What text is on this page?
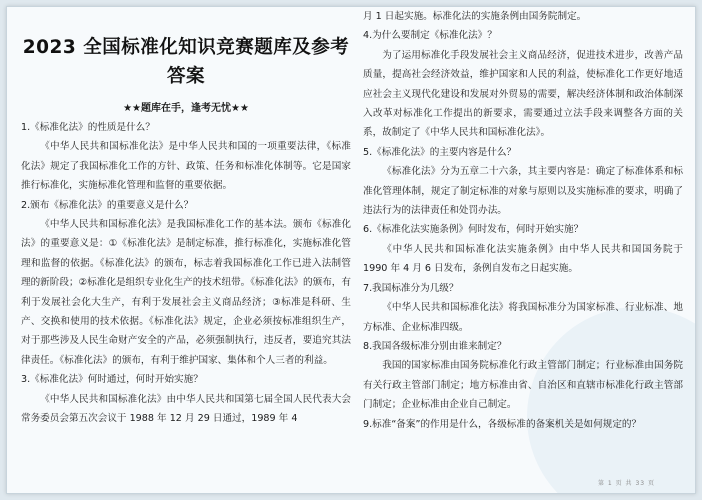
2023 全国标准化知识竞赛题库及参考
答案
★★题库在手，逢考无忧★★
1.《标准化法》的性质是什么？
《中华人民共和国标准化法》是中华人民共和国的一项重要法律，《标准化法》规定了我国标准化工作的方针、政策、任务和标准化体制等。它是国家推行标准化，实施标准化管理和监督的重要依据。
2.颁布《标准化法》的重要意义是什么？
《中华人民共和国标准化法》是我国标准化工作的基本法。颁布《标准化法》的重要意义是：①《标准化法》是制定标准，推行标准化，实施标准化管理和监督的依据。《标准化法》的颁布，标志着我国标准化工作已进入法制管理的新阶段；②标准化是组织专业化生产的技术纽带。《标准化法》的颁布，有利于发展社会化大生产，有利于发展社会主义商品经济；③标准是科研、生产、交换和使用的技术依据。《标准化法》规定，企业必须按标准组织生产，对于那些涉及人民生命财产安全的产品，必须强制执行，违反者，要追究其法律责任。《标准化法》的颁布，有利于维护国家、集体和个人三者的利益。
3.《标准化法》何时通过，何时开始实施？
《中华人民共和国标准化法》由中华人民共和国第七届全国人民代表大会常务委员会第五次会议于 1988 年 12 月 29 日通过，1989 年 4
月 1 日起实施。标准化法的实施条例由国务院制定。
4.为什么要制定《标准化法》？
为了运用标准化手段发展社会主义商品经济，促进技术进步，改善产品质量，提高社会经济效益，维护国家和人民的利益，使标准化工作更好地适应社会主义现代化建设和发展对外贸易的需要，解决经济体制和政治体制深入改革对标准化工作提出的新要求，需要通过立法手段来调整各方面的关系，故制定了《中华人民共和国标准化法》。
5.《标准化法》的主要内容是什么？
《标准化法》分为五章二十六条，其主要内容是：确定了标准体系和标准化管理体制，规定了制定标准的对象与原则以及实施标准的要求，明确了违法行为的法律责任和处罚办法。
6.《标准化法实施条例》何时发布，何时开始实施？
《中华人民共和国标准化法实施条例》由中华人民共和国国务院于 1990 年 4 月 6 日发布，条例自发布之日起实施。
7.我国标准分为几级？
《中华人民共和国标准化法》将我国标准分为国家标准、行业标准、地方标准、企业标准四级。
8.我国各级标准分别由谁来制定？
我国的国家标准由国务院标准化行政主管部门制定；行业标准由国务院有关行政主管部门制定；地方标准由省、自治区和直辖市标准化行政主管部门制定；企业标准由企业自己制定。
9.标准“备案”的作用是什么，各级标准的备案机关是如何规定的？
第 1 页 共 33 页
